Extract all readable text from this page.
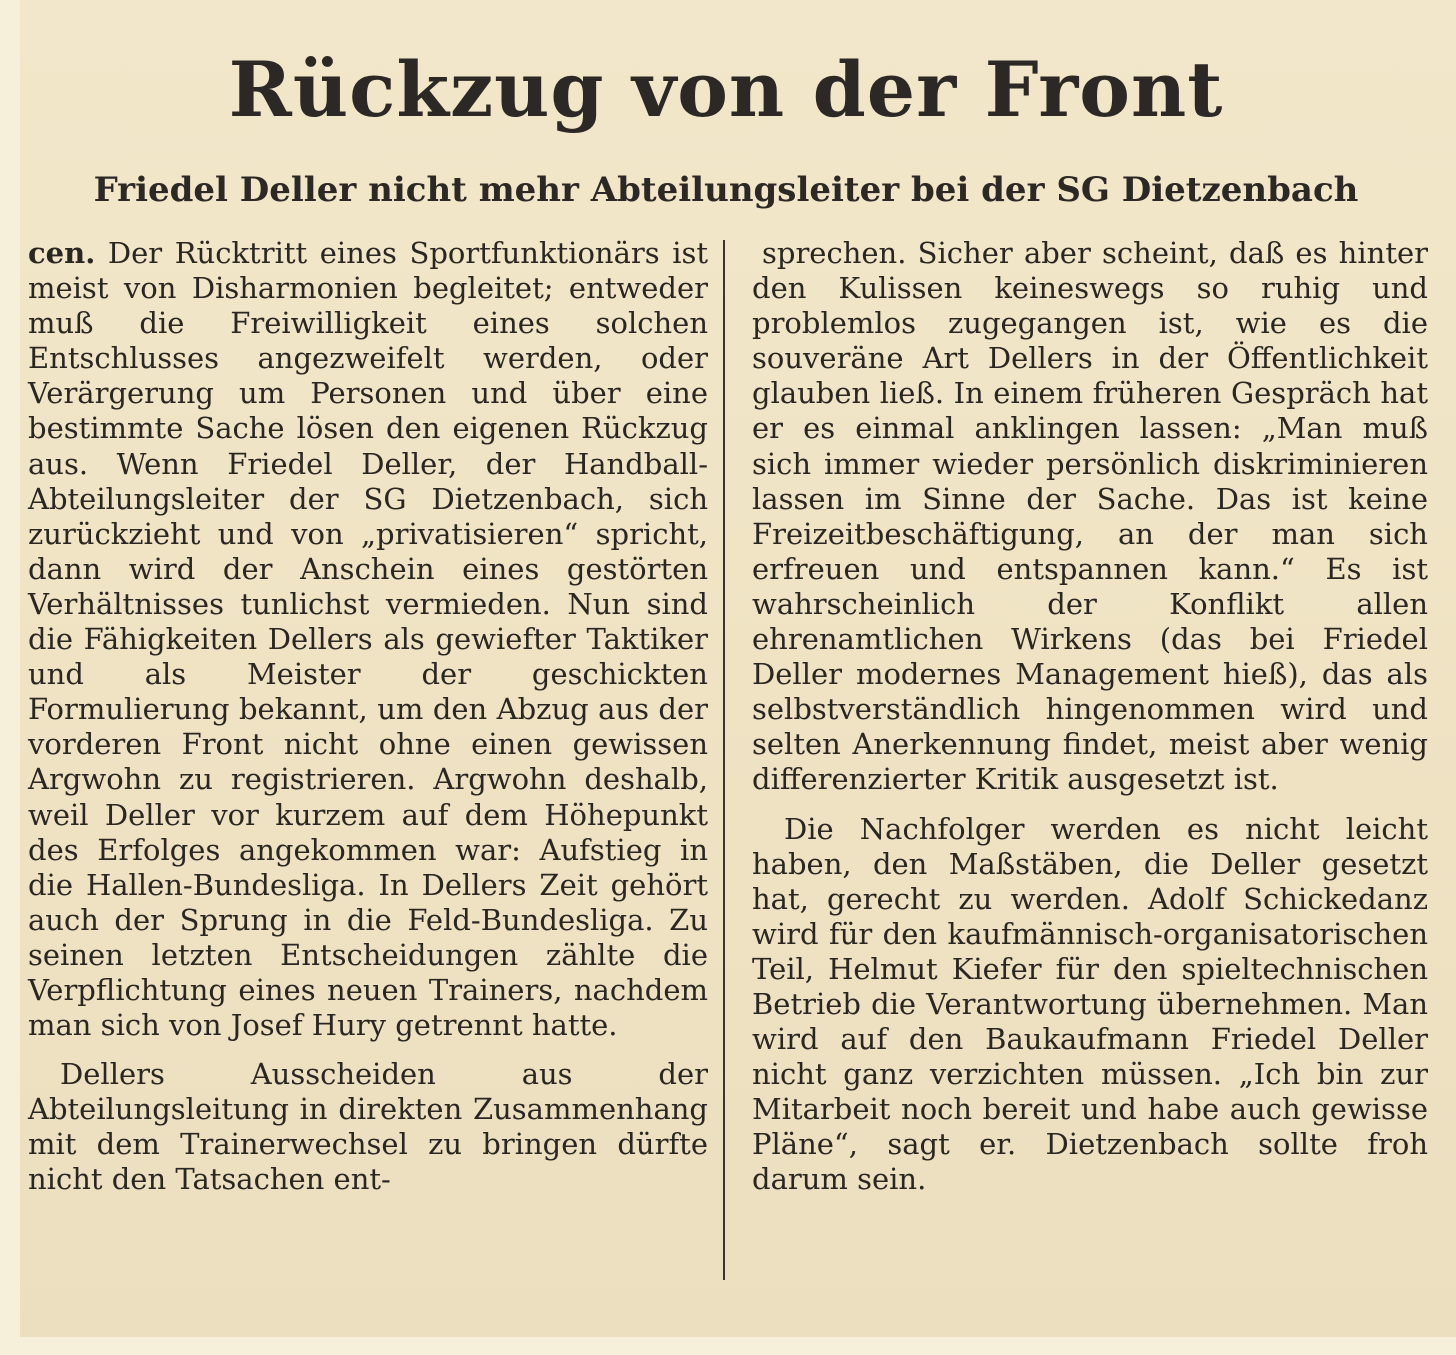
Rückzug von der Front
Friedel Deller nicht mehr Abteilungsleiter bei der SG Dietzenbach

cen. Der Rücktritt eines Sportfunktionärs ist meist von Disharmonien begleitet; entweder muß die Freiwilligkeit eines solchen Entschlusses angezweifelt werden, oder Verärgerung um Personen und über eine bestimmte Sache lösen den eigenen Rückzug aus. Wenn Friedel Deller, der Handball-Abteilungsleiter der SG Dietzenbach, sich zurückzieht und von „privatisieren“ spricht, dann wird der Anschein eines gestörten Verhältnisses tunlichst vermieden. Nun sind die Fähigkeiten Dellers als gewiefter Taktiker und als Meister der geschickten Formulierung bekannt, um den Abzug aus der vorderen Front nicht ohne einen gewissen Argwohn zu registrieren. Argwohn deshalb, weil Deller vor kurzem auf dem Höhepunkt des Erfolges angekommen war: Aufstieg in die Hallen-Bundesliga. In Dellers Zeit gehört auch der Sprung in die Feld-Bundesliga. Zu seinen letzten Entscheidungen zählte die Verpflichtung eines neuen Trainers, nachdem man sich von Josef Hury getrennt hatte.

Dellers Ausscheiden aus der Abteilungsleitung in direkten Zusammenhang mit dem Trainerwechsel zu bringen dürfte nicht den Tatsachen ent-

sprechen. Sicher aber scheint, daß es hinter den Kulissen keineswegs so ruhig und problemlos zugegangen ist, wie es die souveräne Art Dellers in der Öffentlichkeit glauben ließ. In einem früheren Gespräch hat er es einmal anklingen lassen: „Man muß sich immer wieder persönlich diskriminieren lassen im Sinne der Sache. Das ist keine Freizeitbeschäftigung, an der man sich erfreuen und entspannen kann.“ Es ist wahrscheinlich der Konflikt allen ehrenamtlichen Wirkens (das bei Friedel Deller modernes Management hieß), das als selbstverständlich hingenommen wird und selten Anerkennung findet, meist aber wenig differenzierter Kritik ausgesetzt ist.

Die Nachfolger werden es nicht leicht haben, den Maßstäben, die Deller gesetzt hat, gerecht zu werden. Adolf Schickedanz wird für den kaufmännisch-organisatorischen Teil, Helmut Kiefer für den spieltechnischen Betrieb die Verantwortung übernehmen. Man wird auf den Baukaufmann Friedel Deller nicht ganz verzichten müssen. „Ich bin zur Mitarbeit noch bereit und habe auch gewisse Pläne“, sagt er. Dietzenbach sollte froh darum sein.
